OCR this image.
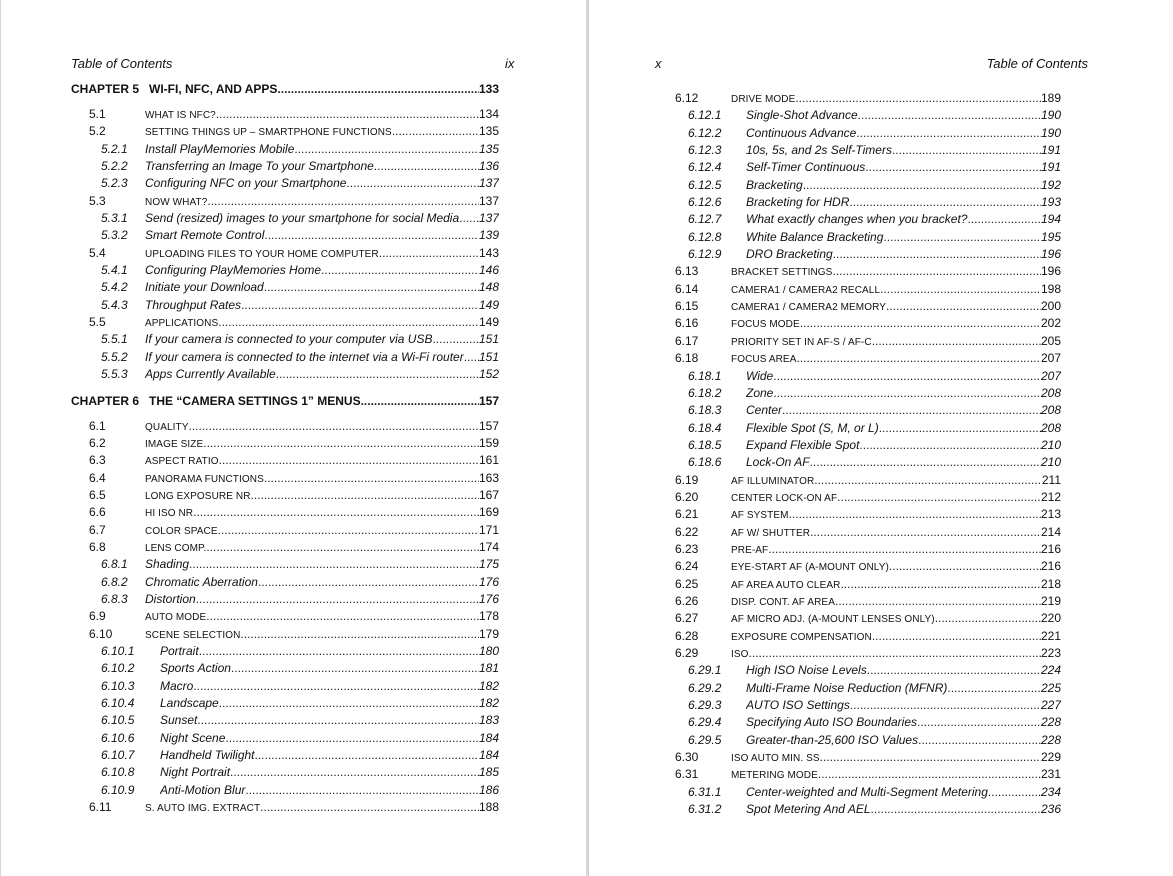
Table of Contents	ix
CHAPTER 5 WI-FI, NFC, AND APPS .....	133
5.1	WHAT IS NFC? .....	134
5.2	SETTING THINGS UP – SMARTPHONE FUNCTIONS .....	135
5.2.1 Install PlayMemories Mobile .....	135
5.2.2 Transferring an Image To your Smartphone .....	136
5.2.3 Configuring NFC on your Smartphone .....	137
5.3	NOW WHAT? .....	137
5.3.1 Send (resized) images to your smartphone for social Media ..... 137
5.3.2 Smart Remote Control .....	139
5.4	UPLOADING FILES TO YOUR HOME COMPUTER .....	143
5.4.1 Configuring PlayMemories Home .....	146
5.4.2 Initiate your Download .....	148
5.4.3 Throughput Rates .....	149
5.5	APPLICATIONS .....	149
5.5.1 If your camera is connected to your computer via USB .....	151
5.5.2 If your camera is connected to the internet via a Wi-Fi router ..... 151
5.5.3 Apps Currently Available .....	152
CHAPTER 6 THE “CAMERA SETTINGS 1” MENUS .....	157
6.1	QUALITY .....	157
6.2	IMAGE SIZE .....	159
6.3	ASPECT RATIO .....	161
6.4	PANORAMA FUNCTIONS .....	163
6.5	LONG EXPOSURE NR .....	167
6.6	HI ISO NR .....	169
6.7	COLOR SPACE .....	171
6.8	LENS COMP. .....	174
6.8.1 Shading .....	175
6.8.2 Chromatic Aberration .....	176
6.8.3 Distortion .....	176
6.9	AUTO MODE .....	178
6.10	SCENE SELECTION .....	179
6.10.1 Portrait .....	180
6.10.2 Sports Action .....	181
6.10.3 Macro .....	182
6.10.4 Landscape .....	182
6.10.5 Sunset .....	183
6.10.6 Night Scene .....	184
6.10.7 Handheld Twilight .....	184
6.10.8 Night Portrait .....	185
6.10.9 Anti-Motion Blur .....	186
6.11	S. AUTO IMG. EXTRACT .....	188
x	Table of Contents
6.12	DRIVE MODE .....	189
6.12.1 Single-Shot Advance .....	190
6.12.2 Continuous Advance .....	190
6.12.3 10s, 5s, and 2s Self-Timers .....	191
6.12.4 Self-Timer Continuous .....	191
6.12.5 Bracketing .....	192
6.12.6 Bracketing for HDR .....	193
6.12.7 What exactly changes when you bracket? .....	194
6.12.8 White Balance Bracketing .....	195
6.12.9 DRO Bracketing .....	196
6.13	BRACKET SETTINGS .....	196
6.14	CAMERA1 / CAMERA2 RECALL .....	198
6.15	CAMERA1 / CAMERA2 MEMORY .....	200
6.16	FOCUS MODE .....	202
6.17	PRIORITY SET IN AF-S / AF-C .....	205
6.18	FOCUS AREA .....	207
6.18.1 Wide .....	207
6.18.2 Zone .....	208
6.18.3 Center .....	208
6.18.4 Flexible Spot (S, M, or L) .....	208
6.18.5 Expand Flexible Spot .....	210
6.18.6 Lock-On AF .....	210
6.19	AF ILLUMINATOR .....	211
6.20	CENTER LOCK-ON AF .....	212
6.21	AF SYSTEM .....	213
6.22	AF W/ SHUTTER .....	214
6.23	PRE-AF .....	216
6.24	EYE-START AF (A-MOUNT ONLY) .....	216
6.25	AF AREA AUTO CLEAR .....	218
6.26	DISP. CONT. AF AREA .....	219
6.27	AF MICRO ADJ. (A-MOUNT LENSES ONLY) .....	220
6.28	EXPOSURE COMPENSATION .....	221
6.29	ISO .....	223
6.29.1 High ISO Noise Levels .....	224
6.29.2 Multi-Frame Noise Reduction (MFNR) .....	225
6.29.3 AUTO ISO Settings .....	227
6.29.4 Specifying Auto ISO Boundaries .....	228
6.29.5 Greater-than-25,600 ISO Values .....	228
6.30	ISO AUTO MIN. SS .....	229
6.31	METERING MODE .....	231
6.31.1 Center-weighted and Multi-Segment Metering .....	234
6.31.2 Spot Metering And AEL .....	236
